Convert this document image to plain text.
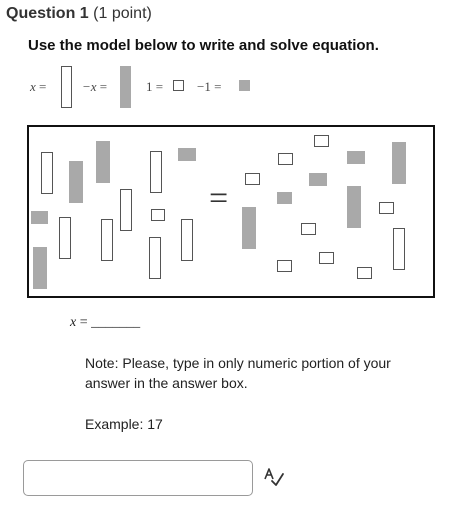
Question 1 (1 point)
Use the model below to write and solve equation.
x =	−x =	1 =	−1 =
=
x = _______
Note: Please, type in only numeric portion of your answer in the answer box.
Example: 17
